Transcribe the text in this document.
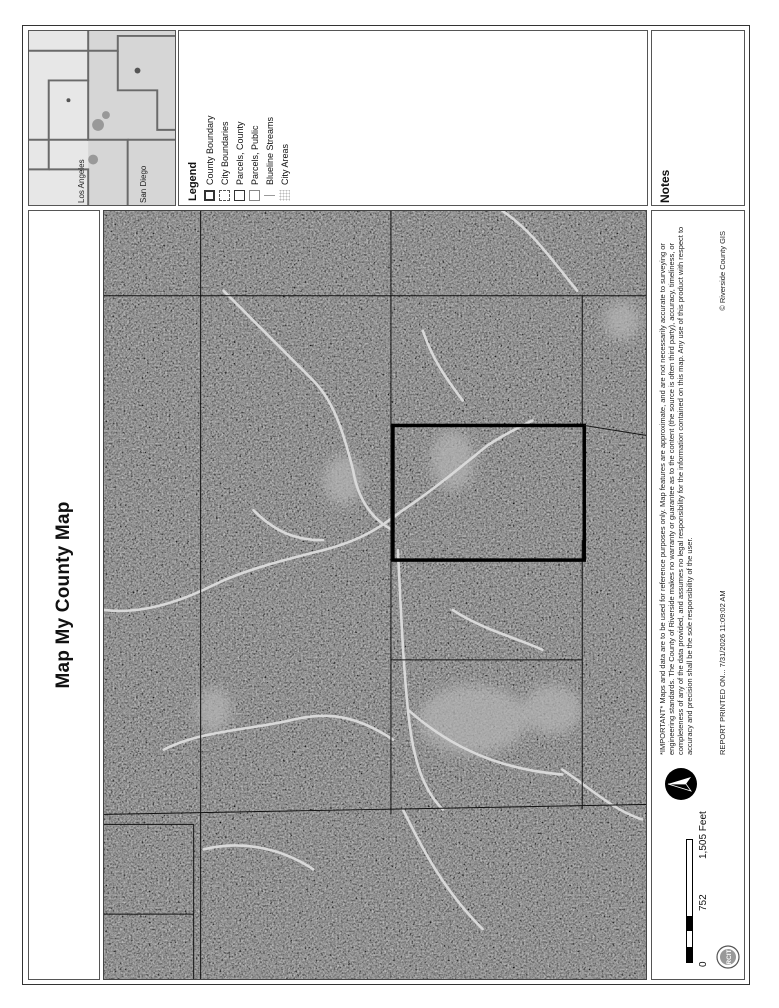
Map My County Map
Los Angeles	San Diego	Legend County Boundary City Boundaries Parcels, County Parcels, Public Blueline Streams City Areas
Notes
0
752
1,505 Feet
*IMPORTANT* Maps and data are to be used for reference purposes only. Map features are approximate, and are not necessarily accurate to surveying or engineering standards. The County of Riverside makes no warranty or guarantee as to the content (the source is often third party), accuracy, timeliness, or completeness of any of the data provided, and assumes no legal responsibility for the information contained on this map. Any use of this product with respect to accuracy and precision shall be the sole responsibility of the user.	REPORT PRINTED ON... 7/31/2026 11:09:02 AM
© Riverside County GIS
RCIT
